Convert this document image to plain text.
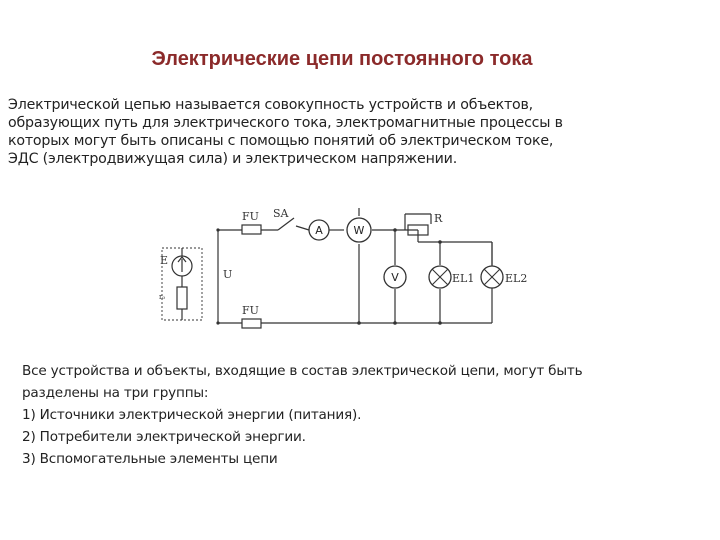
Электрические цепи постоянного тока
Электрической цепью называется совокупность устройств и объектов,
образующих путь для электрического тока, электромагнитные процессы в
которых могут быть описаны с помощью понятий об электрическом токе,
ЭДС (электродвижущая сила) и электрическом напряжении.
A	W
V
FU
FU
SA	R
E
r₀
U	EL1	EL2
Все устройства и объекты, входящие в состав электрической цепи, могут быть
разделены на три группы:
1) Источники электрической энергии (питания).
2) Потребители электрической энергии.
3) Вспомогательные элементы цепи
